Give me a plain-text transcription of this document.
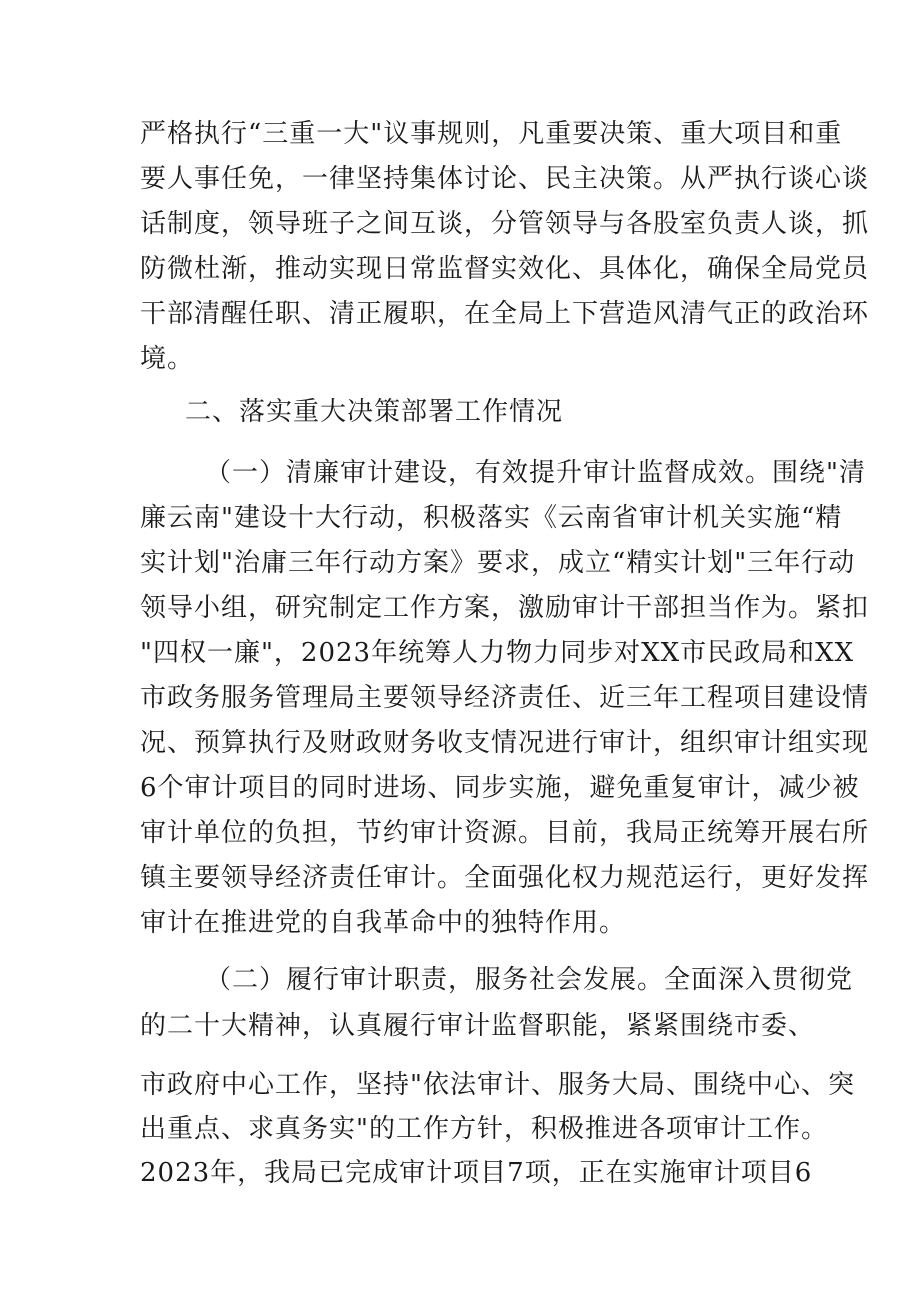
严格执行“三重一大"议事规则，凡重要决策、重大项目和重
要人事任免，一律坚持集体讨论、民主决策。从严执行谈心谈
话制度，领导班子之间互谈，分管领导与各股室负责人谈，抓
防微杜渐，推动实现日常监督实效化、具体化，确保全局党员
干部清醒任职、清正履职，在全局上下营造风清气正的政治环
境。
二、落实重大决策部署工作情况
（一）清廉审计建设，有效提升审计监督成效。围绕"清
廉云南"建设十大行动，积极落实《云南省审计机关实施“精
实计划"治庸三年行动方案》要求，成立“精实计划"三年行动
领导小组，研究制定工作方案，激励审计干部担当作为。紧扣
"四权一廉"，2023年统筹人力物力同步对XX市民政局和XX
市政务服务管理局主要领导经济责任、近三年工程项目建设情
况、预算执行及财政财务收支情况进行审计，组织审计组实现
6个审计项目的同时进场、同步实施，避免重复审计，减少被
审计单位的负担，节约审计资源。目前，我局正统筹开展右所
镇主要领导经济责任审计。全面强化权力规范运行，更好发挥
审计在推进党的自我革命中的独特作用。
（二）履行审计职责，服务社会发展。全面深入贯彻党
的二十大精神，认真履行审计监督职能，紧紧围绕市委、
市政府中心工作，坚持"依法审计、服务大局、围绕中心、突
出重点、求真务实"的工作方针，积极推进各项审计工作。
2023年，我局已完成审计项目7项，正在实施审计项目6
